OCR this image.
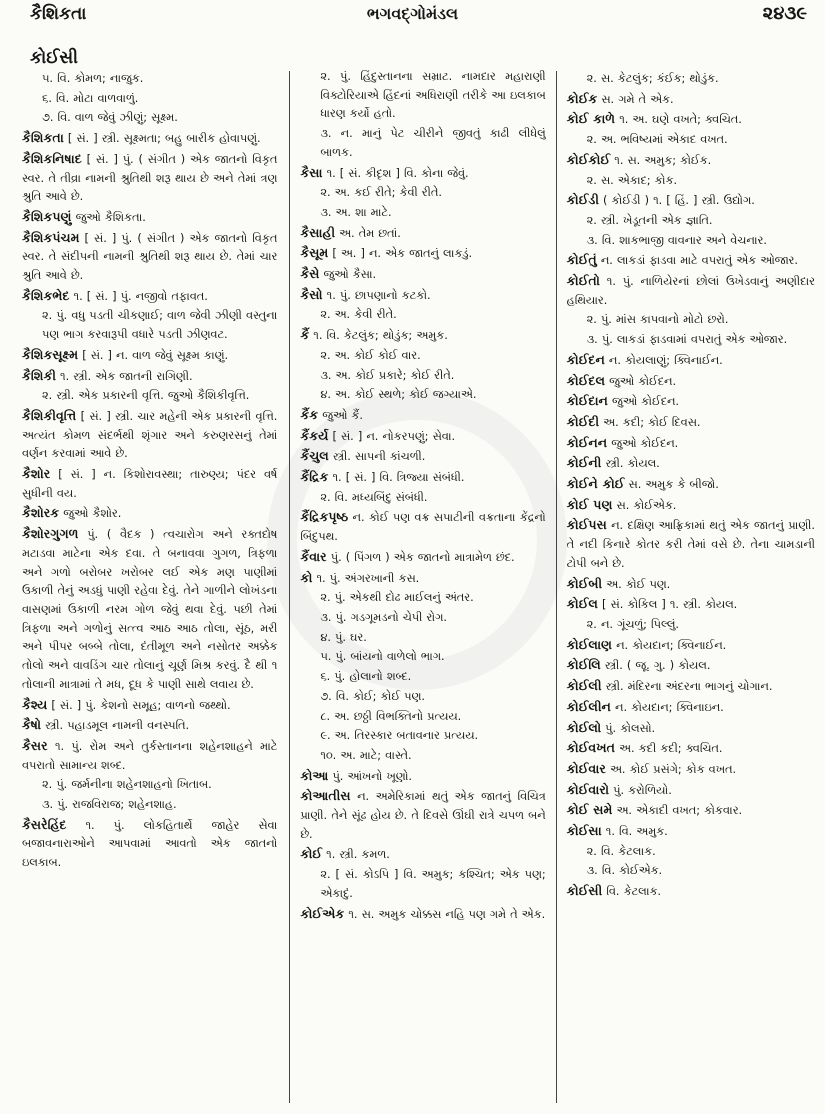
કૈશિકતા
કોઈસી
ભગવદ્ગોમંડલ	૨૪૩૯
૫. વિ. કોમળ; નાજુક.
૬. વિ. મોટા વાળવાળું.
૭. વિ. વાળ જેવું ઝીણું; સૂક્ષ્મ.
કૈશિકતા [ સં. ] સ્ત્રી. સૂક્ષ્મતા; બહુ બારીક હોવાપણું.
કૈશિકનિષાદ [ સં. ] પું. ( સંગીત ) એક જાતનો વિકૃત સ્વર. તે તીવ્રા નામની શ્રુતિથી શરૂ થાય છે અને તેમાં ત્રણ શ્રુતિ આવે છે.
કૈશિકપણું જુઓ કૈશિકતા.
કૈશિકપંચમ [ સં. ] પું. ( સંગીત ) એક જાતનો વિકૃત સ્વર. તે સંદીપની નામની શ્રુતિથી શરૂ થાય છે. તેમાં ચાર શ્રુતિ આવે છે.
કૈશિકભેદ ૧. [ સં. ] પું. નજીવો તફાવત.
૨. પું. વધુ પડતી ચીકણાઈ; વાળ જેવી ઝીણી વસ્તુના પણ ભાગ કરવારૂપી વધારે પડતી ઝીણવટ.
કૈશિકસૂક્ષ્મ [ સં. ] ન. વાળ જેવું સૂક્ષ્મ કાણું.
કૈશિકી ૧. સ્ત્રી. એક જાતની રાગિણી.
૨. સ્ત્રી. એક પ્રકારની વૃત્તિ. જુઓ કૈશિકીવૃત્તિ.
કૈશિકીવૃત્તિ [ સં. ] સ્ત્રી. ચાર મહેની એક પ્રકારની વૃત્તિ. અત્યંત કોમળ સંદર્ભથી શૃંગાર અને કરુણરસનું તેમાં વર્ણન કરવામાં આવે છે.
કૈશોર [ સં. ] ન. કિશોરાવસ્થા; તારુણ્ય; પંદર વર્ષ સુધીની વય.
કૈશોરક જુઓ કૈશોર.
કૈશોરગુગળ પું. ( વૈદક ) ત્વચારોગ અને રક્તદોષ મટાડવા માટેના એક દવા. તે બનાવવા ગુગળ, ત્રિફળા અને ગળો બરોબર ખરોબર લઈ એક મણ પાણીમાં ઉકાળી તેનું અડધું પાણી રહેવા દેવું. તેને ગાળીને લોખંડના વાસણમાં ઉકાળી નરમ ગોળ જેવું થવા દેવું. પછી તેમાં ત્રિફળા અને ગળોનું સત્ત્વ આઠ આઠ તોલા, સૂંઠ, મરી અને પીપર બબ્બે તોલા, દંતીમૂળ અને નસોતર અક્કેક તોલો અને વાવડિંગ ચાર તોલાનું ચૂર્ણ મિશ્ર કરવું. દૈ થી ૧ તોલાની માત્રામાં તે મધ, દૂધ કે પાણી સાથે લવાય છે.
કૈશ્ય [ સં. ] પું. કેશનો સમૂહ; વાળનો જથ્થો.
કૈષો સ્ત્રી. પહાડમૂલ નામની વનસ્પતિ.
કૈસર ૧. પું. રોમ અને તુર્કસ્તાનના શહેનશાહને માટે વપરાતો સામાન્ય શબ્દ.
૨. પું. જર્મનીના શહેનશાહનો ખિતાબ.
૩. પું. રાજવિરાજ; શહેનશાહ.
કૈસરેહિંદ ૧. પું. લોકહિતાર્થે જાહેર સેવા બજાવનારાઓને આપવામાં આવતો એક જાતનો ઇલકાબ.
૨. પું. હિંદુસ્તાનના સમ્રાટ. નામદાર મહારાણી વિક્ટોરિયાએ હિંદનાં અધિરાણી તરીકે આ ઇલકાબ ધારણ કર્યો હતો.
૩. ન. માનું પેટ ચીરીને જીવતું કાઢી લીધેલું બાળક.
કૈસા ૧. [ સં. કીદૃશ ] વિ. કોના જેવું.
૨. અ. કઈ રીતે; કેવી રીતે.
૩. અ. શા માટે.
કૈસાહી અ. તેમ છતાં.
કૈસૂમ [ અ. ] ન. એક જાતનું લાકડું.
કૈસે જુઓ કૈસા.
કૈસો ૧. પું. છાપણાનો કટકો.
૨. અ. કેવી રીતે.
કૈં ૧. વિ. કેટલુંક; થોડુંક; અમુક.
૨. અ. કોઈ કોઈ વાર.
૩. અ. કોઈ પ્રકારે; કોઈ રીતે.
૪. અ. કોઈ સ્થળે; કોઈ જગ્યાએ.
કૈંક જુઓ કૈં.
કૈંકર્ય [ સં. ] ન. નોકરપણું; સેવા.
કૈંચુલ સ્ત્રી. સાપની કાંચળી.
કૈંદ્રિક ૧. [ સં. ] વિ. ત્રિજ્યા સંબંધી.
૨. વિ. મધ્યબિંદુ સંબંધી.
કૈંદ્રિકપૃષ્ઠ ન. કોઈ પણ વક્ર સપાટીની વક્રતાના કેંદ્રનો બિંદુપથ.
કૈંવાર પું. ( પિંગળ ) એક જાતનો માત્રામેળ છંદ.
કો ૧. પું. અંગરખાની કસ.
૨. પું. એકથી દોઢ માઈલનું અંતર.
૩. પું. ગડગૂમડનો ચેપી રોગ.
૪. પું. ઘર.
૫. પું. બાંયનો વાળેલો ભાગ.
૬. પું. હોલાનો શબ્દ.
૭. વિ. કોઈ; કોઈ પણ.
૮. અ. છઠ્ઠી વિભક્તિનો પ્રત્યય.
૯. અ. તિરસ્કાર બતાવનાર પ્રત્યય.
૧૦. અ. માટે; વાસ્તે.
કોઆ પું. આંખનો ખૂણો.
કોઆતીસ ન. અમેરિકામાં થતું એક જાતનું વિચિત્ર પ્રાણી. તેને સૂંઢ હોય છે. તે દિવસે ઊંઘી રાત્રે ચપળ બને છે.
કોઈ ૧. સ્ત્રી. કમળ.
૨. [ સં. કોઽપિ ] વિ. અમુક; કશ્ચિત; એક પણ; એકાદું.
કોઈએક ૧. સ. અમુક ચોક્કસ નહિ પણ ગમે તે એક.
૨. સ. કેટલુંક; કંઈક; થોડુંક.
કોઈક સ. ગમે તે એક.
કોઈ કાળે ૧. અ. ઘણે વખતે; ક્વચિત.
૨. અ. ભવિષ્યમાં એકાદ વખત.
કોઈકોઈ ૧. સ. અમુક; કોઈક.
૨. સ. એકાદ; કોક.
કોઈડી ( કોઈડી ) ૧. [ હિં. ] સ્ત્રી. ઉદ્યોગ.
૨. સ્ત્રી. ખેડૂતની એક જ્ઞાતિ.
૩. વિ. શાકભાજી વાવનાર અને વેચનાર.
કોઈતું ન. લાકડાં ફાડવા માટે વપરાતું એક ઓજાર.
કોઈતો ૧. પું. નાળિયેરનાં છોલાં ઉખેડવાનું અણીદાર હથિયાર.
૨. પું. માંસ કાપવાનો મોટો છરો.
૩. પું. લાકડાં ફાડવામાં વપરાતું એક ઓજાર.
કોઈદન ન. કોયલાણું; ક્વિનાઈન.
કોઈદલ જુઓ કોઈદન.
કોઈદાન જુઓ કોઈદન.
કોઈદી અ. કદી; કોઈ દિવસ.
કોઈનન જુઓ કોઈદન.
કોઈની સ્ત્રી. કોયલ.
કોઈને કોઈ સ. અમુક કે બીજો.
કોઈ પણ સ. કોઈએક.
કોઈપસ ન. દક્ષિણ આફ્રિકામાં થતું એક જાતનું પ્રાણી. તે નદી કિનારે કોતર કરી તેમાં વસે છે. તેના ચામડાની ટોપી બને છે.
કોઈબી અ. કોઈ પણ.
કોઈલ [ સં. કોકિલ ] ૧. સ્ત્રી. કોયલ.
૨. ન. ગૂંચળું; પિલ્લું.
કોઈલાણ ન. કોયદાન; ક્વિનાઈન.
કોઈલિ સ્ત્રી. ( જૂ. ગુ. ) કોયલ.
કોઈલી સ્ત્રી. મંદિરના અંદરના ભાગનું ચોગાન.
કોઈલીન ન. કોયદાન; ક્વિનાઇન.
કોઈલો પું. કોલસો.
કોઈવખત અ. કદી કદી; ક્વચિત.
કોઈવાર અ. કોઈ પ્રસંગે; કોક વખત.
કોઈવારો પું. કરોળિયો.
કોઈ સમે અ. એકાદી વખત; કોકવાર.
કોઈસા ૧. વિ. અમુક.
૨. વિ. કેટલાક.
૩. વિ. કોઈએક.
કોઈસી વિ. કેટલાક.
